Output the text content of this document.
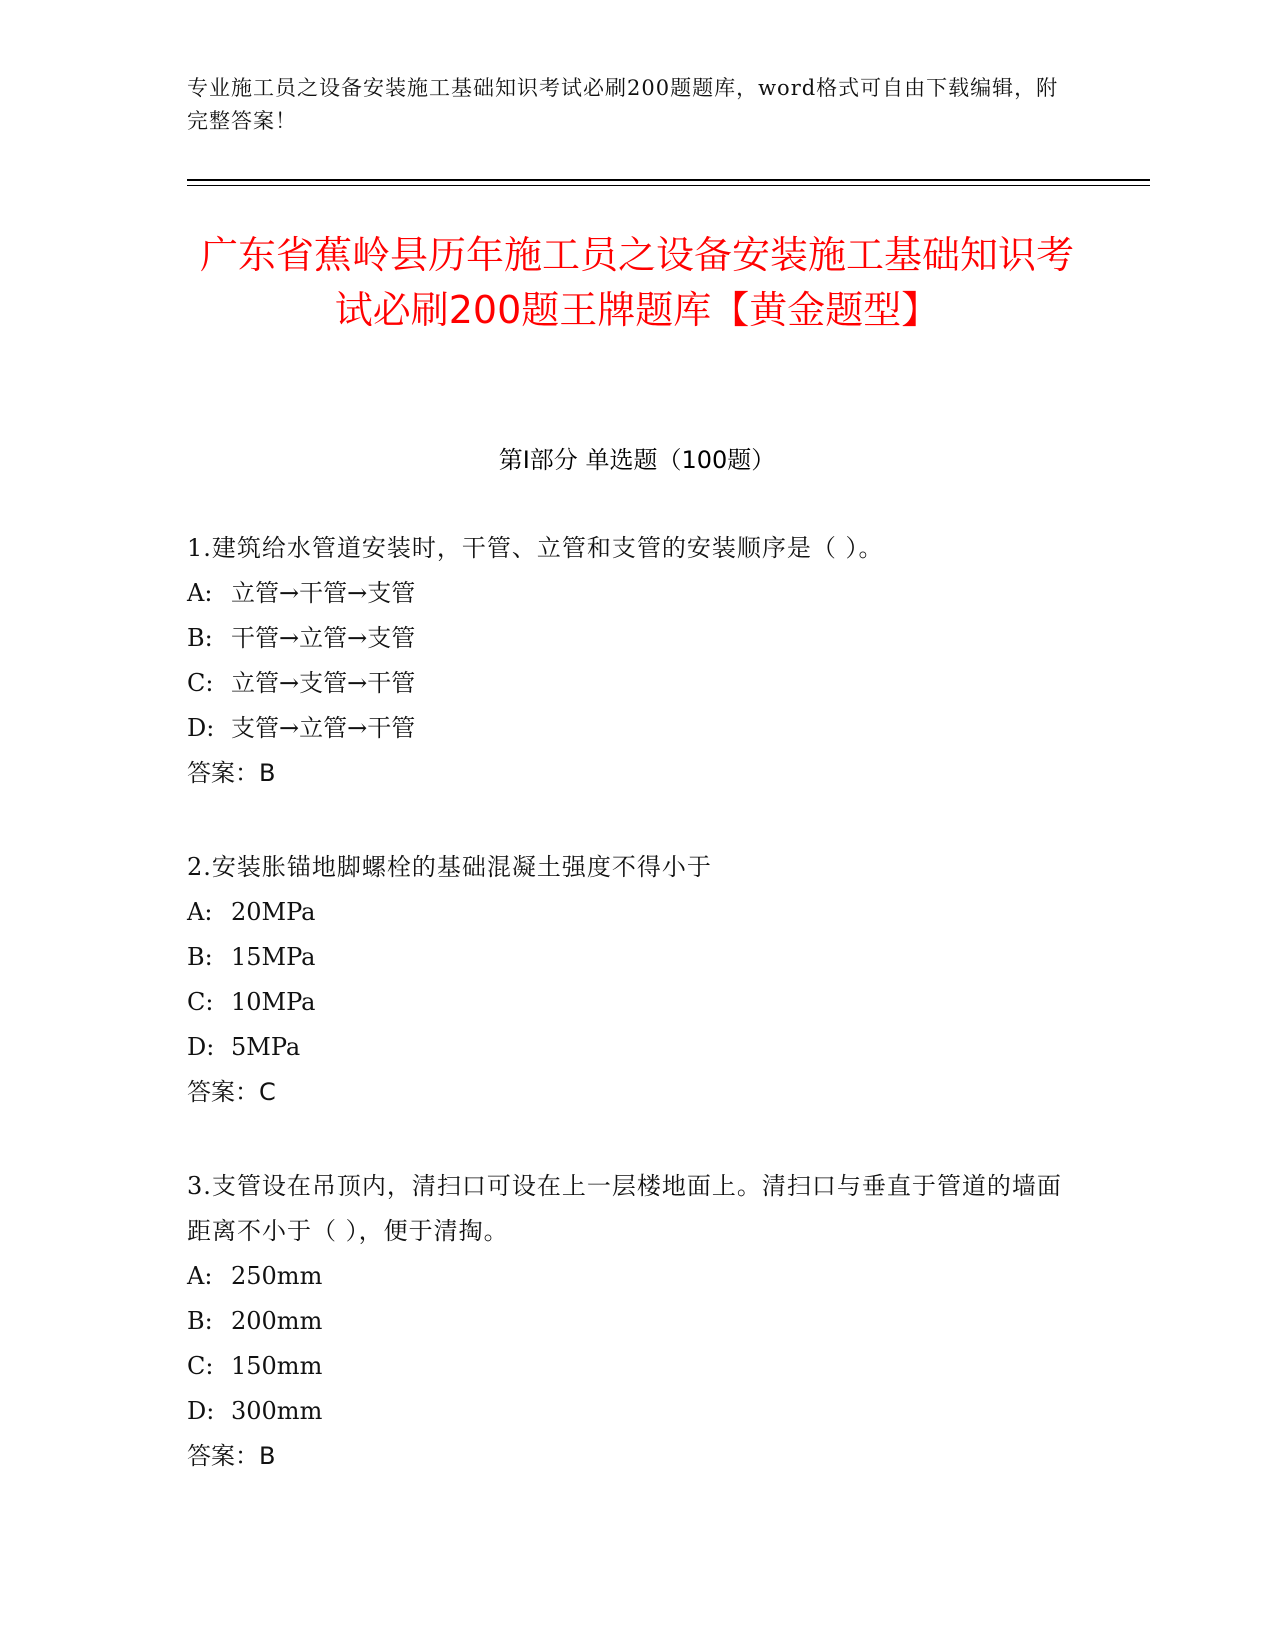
专业施工员之设备安装施工基础知识考试必刷200题题库，word格式可自由下载编辑，附完整答案！
广东省蕉岭县历年施工员之设备安装施工基础知识考试必刷200题王牌题库【黄金题型】
第I部分 单选题（100题）
1.建筑给水管道安装时，干管、立管和支管的安装顺序是（ ）。
A: 立管→干管→支管
B: 干管→立管→支管
C: 立管→支管→干管
D: 支管→立管→干管
答案：B
2.安装胀锚地脚螺栓的基础混凝土强度不得小于
A: 20MPa
B: 15MPa
C: 10MPa
D: 5MPa
答案：C
3.支管设在吊顶内，清扫口可设在上一层楼地面上。清扫口与垂直于管道的墙面距离不小于（ ），便于清掏。
A: 250mm
B: 200mm
C: 150mm
D: 300mm
答案：B
